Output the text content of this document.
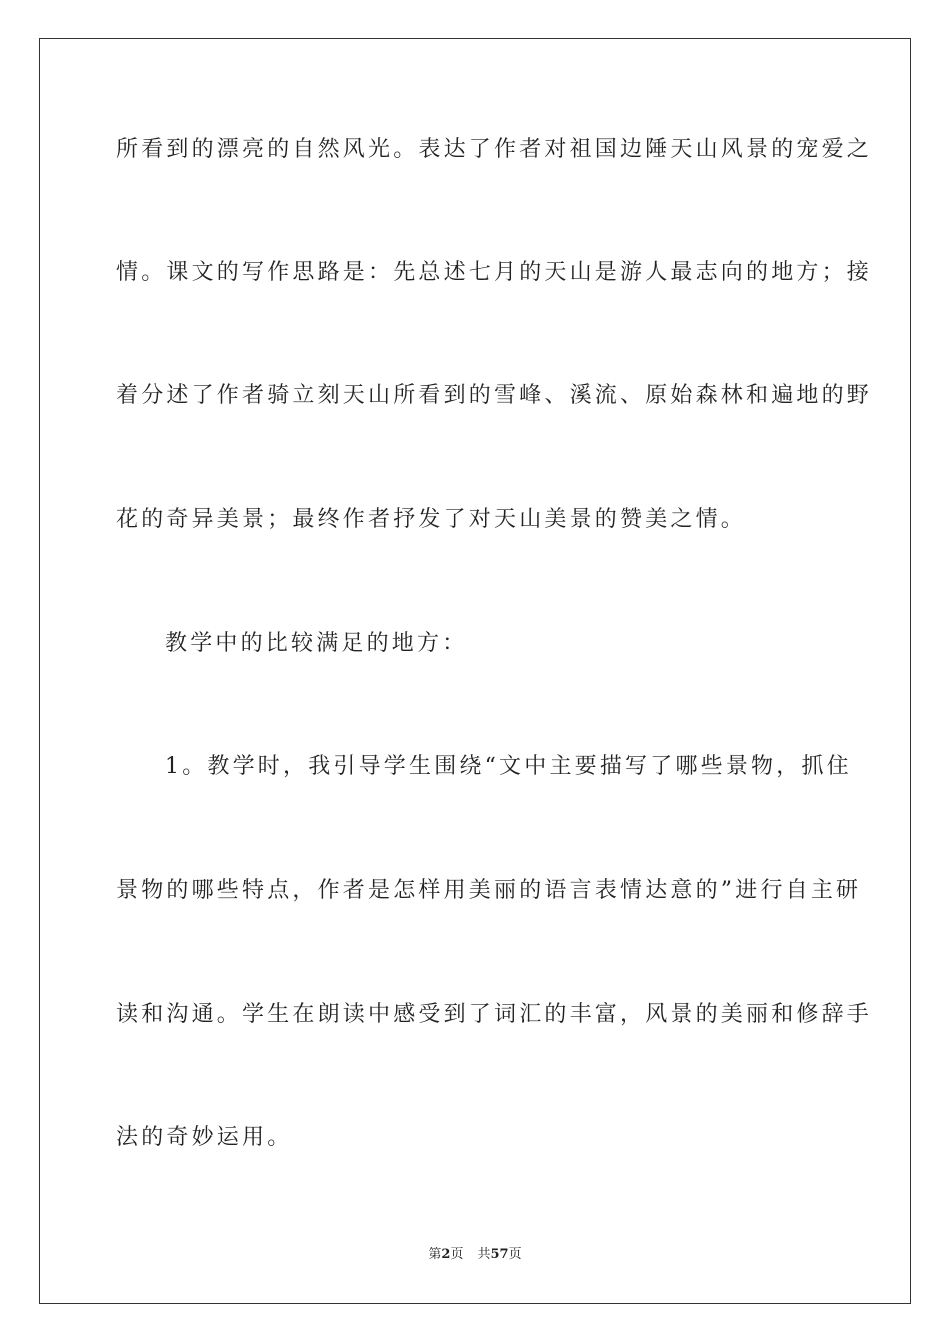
所看到的漂亮的自然风光。表达了作者对祖国边陲天山风景的宠爱之
情。课文的写作思路是：先总述七月的天山是游人最志向的地方；接
着分述了作者骑立刻天山所看到的雪峰、溪流、原始森林和遍地的野
花的奇异美景；最终作者抒发了对天山美景的赞美之情。
教学中的比较满足的地方：
1。教学时，我引导学生围绕“文中主要描写了哪些景物，抓住
景物的哪些特点，作者是怎样用美丽的语言表情达意的”进行自主研
读和沟通。学生在朗读中感受到了词汇的丰富，风景的美丽和修辞手
法的奇妙运用。
第2页 共57页
